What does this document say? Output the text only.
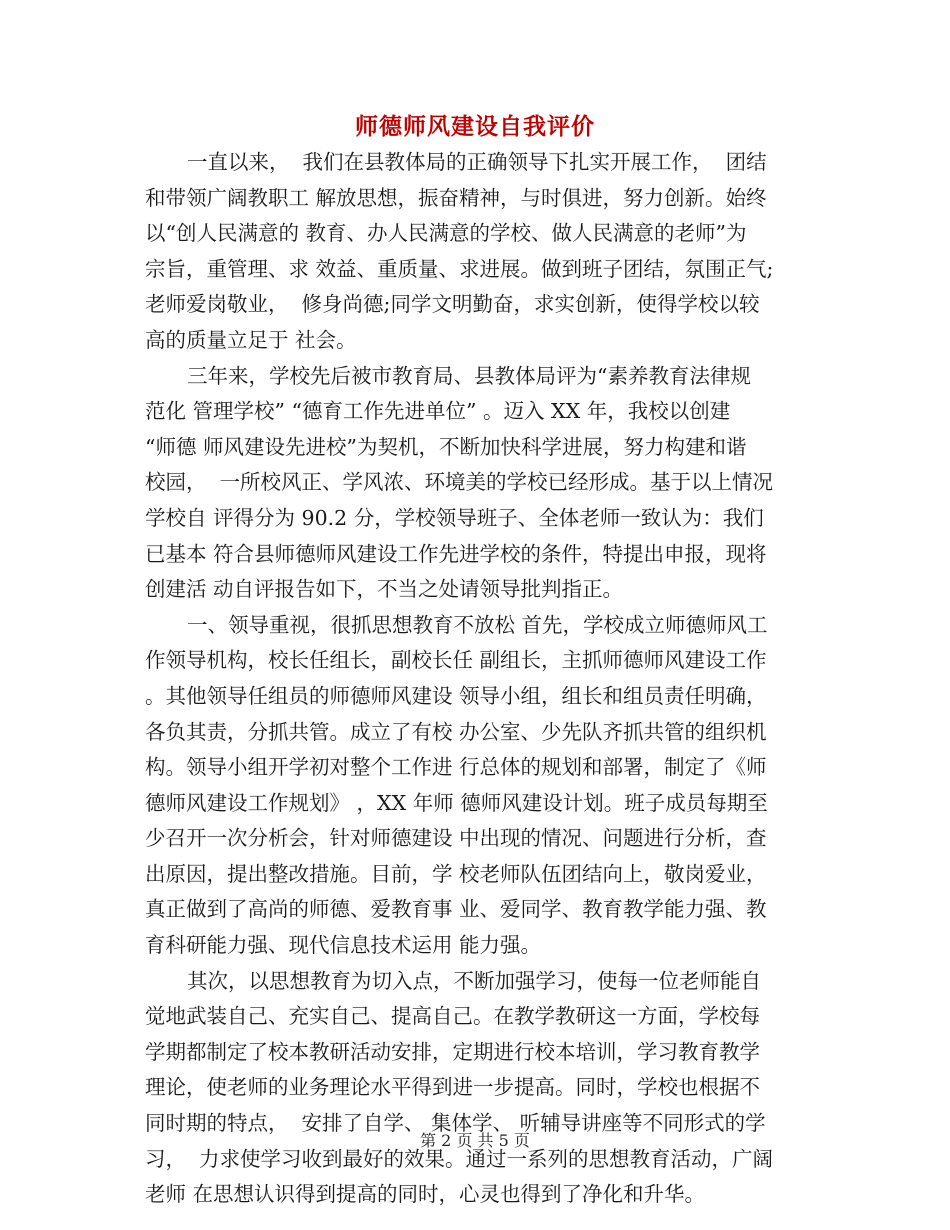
师德师风建设自我评价
一直以来，  我们在县教体局的正确领导下扎实开展工作，  团结
和带领广阔教职工 解放思想，振奋精神，与时俱进，努力创新。始终
以“创人民满意的 教育、办人民满意的学校、做人民满意的老师”为
宗旨，重管理、求 效益、重质量、求进展。做到班子团结，氛围正气;
老师爱岗敬业，  修身尚德;同学文明勤奋，求实创新，使得学校以较
高的质量立足于 社会。
三年来，学校先后被市教育局、县教体局评为“素养教育法律规
范化 管理学校” “德育工作先进单位” 。迈入 XX 年，我校以创建
“师德 师风建设先进校”为契机，不断加快科学进展，努力构建和谐
校园，  一所校风正、学风浓、环境美的学校已经形成。基于以上情况
学校自 评得分为 90.2 分，学校领导班子、全体老师一致认为：我们
已基本 符合县师德师风建设工作先进学校的条件，特提出申报，现将
创建活 动自评报告如下，不当之处请领导批判指正。
一、领导重视，很抓思想教育不放松 首先，学校成立师德师风工
作领导机构，校长任组长，副校长任 副组长，主抓师德师风建设工作
。其他领导任组员的师德师风建设 领导小组，组长和组员责任明确，
各负其责，分抓共管。成立了有校 办公室、少先队齐抓共管的组织机
构。领导小组开学初对整个工作进 行总体的规划和部署，制定了《师
德师风建设工作规划》 ，XX 年师 德师风建设计划。班子成员每期至
少召开一次分析会，针对师德建设 中出现的情况、问题进行分析，查
出原因，提出整改措施。目前，学 校老师队伍团结向上，敬岗爱业，
真正做到了高尚的师德、爱教育事 业、爱同学、教育教学能力强、教
育科研能力强、现代信息技术运用 能力强。
其次，以思想教育为切入点，不断加强学习，使每一位老师能自
觉地武装自己、充实自己、提高自己。在教学教研这一方面，学校每
学期都制定了校本教研活动安排，定期进行校本培训，学习教育教学
理论，使老师的业务理论水平得到进一步提高。同时，学校也根据不
同时期的特点，  安排了自学、 集体学、 听辅导讲座等不同形式的学
习，  力求使学习收到最好的效果。通过一系列的思想教育活动，广阔
老师 在思想认识得到提高的同时，心灵也得到了净化和升华。
第 2 页 共 5 页
